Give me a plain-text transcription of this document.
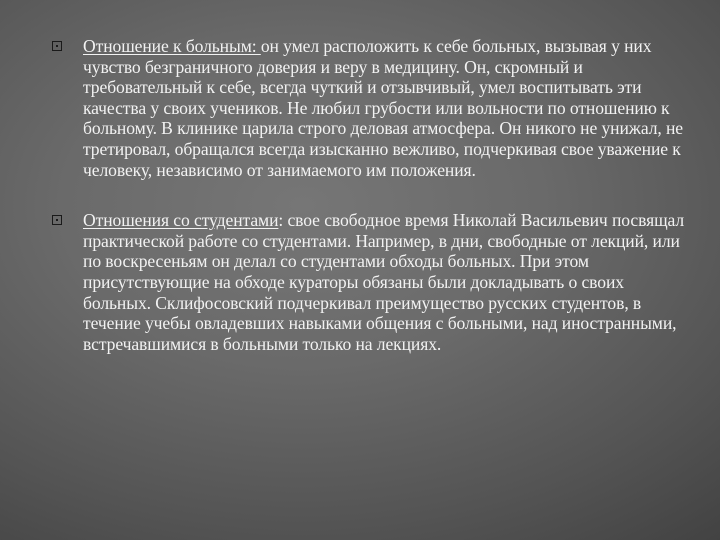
Отношение к больным: он умел расположить к себе больных, вызывая у них чувство безграничного доверия и веру в медицину. Он, скромный и требовательный к себе, всегда чуткий и отзывчивый, умел воспитывать эти качества у своих учеников. Не любил грубости или вольности по отношению к больному. В клинике царила строго деловая атмосфера. Он никого не унижал, не третировал, обращался всегда изысканно вежливо, подчеркивая свое уважение к человеку, независимо от занимаемого им положения.
Отношения со студентами: свое свободное время Николай Васильевич посвящал практической работе со студентами. Например, в дни, свободные от лекций, или по воскресеньям он делал со студентами обходы больных. При этом присутствующие на обходе кураторы обязаны были докладывать о своих больных. Склифосовский подчеркивал преимущество русских студентов, в течение учебы овладевших навыками общения с больными, над иностранными, встречавшимися в больными только на лекциях.
